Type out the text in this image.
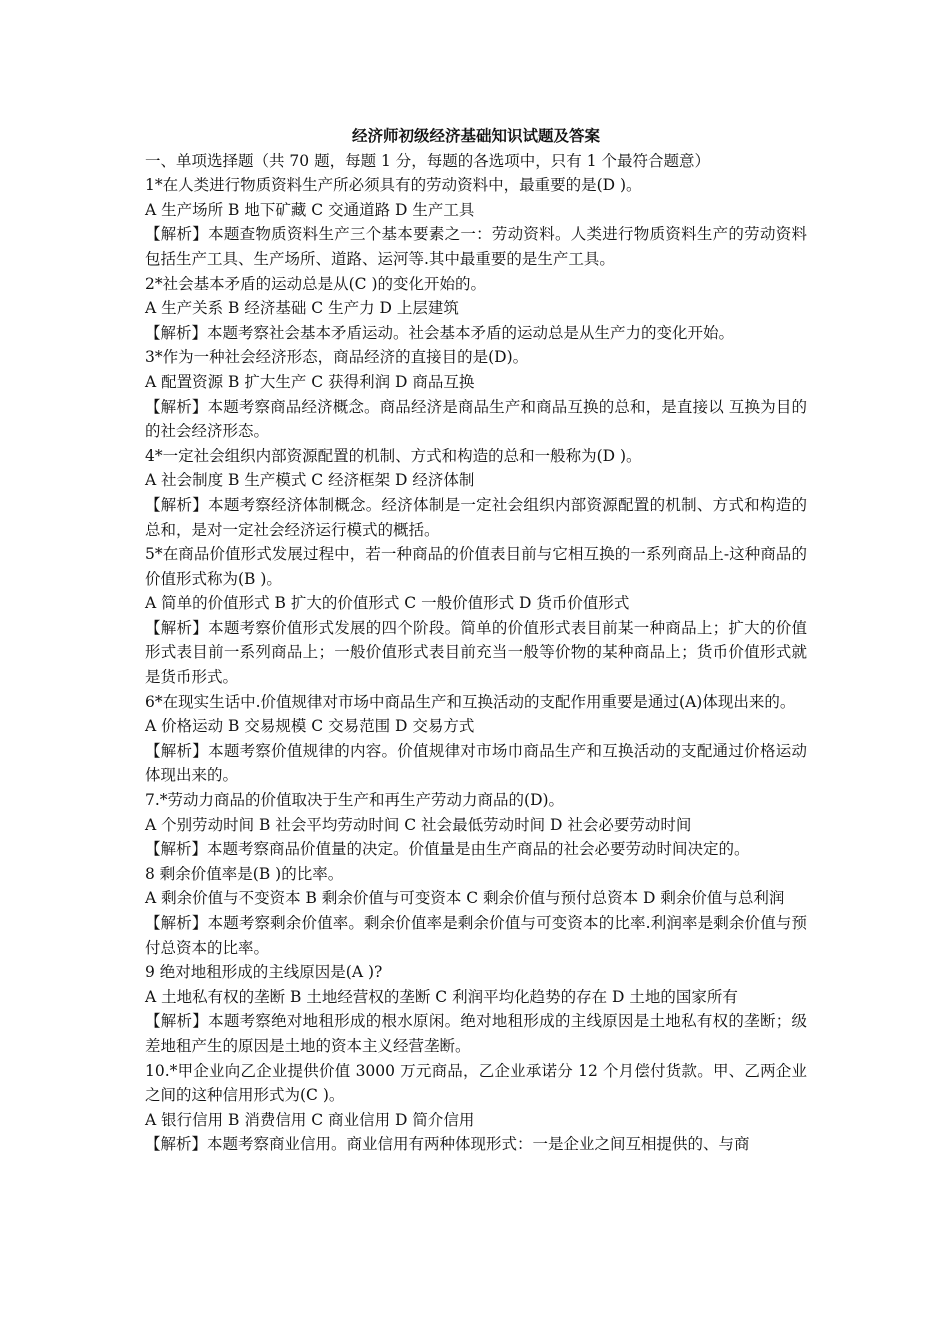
经济师初级经济基础知识试题及答案

一、单项选择题（共 70 题，每题 1 分，每题的各选项中，只有 1 个最符合题意）

1*在人类进行物质资料生产所必须具有的劳动资料中，最重要的是(D )。

A 生产场所 B 地下矿藏 C 交通道路 D 生产工具

【解析】本题查物质资料生产三个基本要素之一：劳动资料。人类进行物质资料生产的劳动资料包括生产工具、生产场所、道路、运河等.其中最重要的是生产工具。

2*社会基本矛盾的运动总是从(C )的变化开始的。

A 生产关系 B 经济基础 C 生产力 D 上层建筑

【解析】本题考察社会基本矛盾运动。社会基本矛盾的运动总是从生产力的变化开始。

3*作为一种社会经济形态，商品经济的直接目的是(D)。

A 配置资源 B 扩大生产 C 获得利润 D 商品互换

【解析】本题考察商品经济概念。商品经济是商品生产和商品互换的总和，是直接以 互换为目的的社会经济形态。

4*一定社会组织内部资源配置的机制、方式和构造的总和一般称为(D )。

A 社会制度 B 生产模式 C 经济框架 D 经济体制

【解析】本题考察经济体制概念。经济体制是一定社会组织内部资源配置的机制、方式和构造的总和，是对一定社会经济运行模式的概括。

5*在商品价值形式发展过程中，若一种商品的价值表目前与它相互换的一系列商品上-这种商品的价值形式称为(B )。

A 简单的价值形式 B 扩大的价值形式 C 一般价值形式 D 货币价值形式

【解析】本题考察价值形式发展的四个阶段。简单的价值形式表目前某一种商品上；扩大的价值形式表目前一系列商品上；一般价值形式表目前充当一般等价物的某种商品上；货币价值形式就是货币形式。

6*在现实生话中.价值规律对市场中商品生产和互换活动的支配作用重要是通过(A)体现出来的。

A 价格运动 B 交易规模 C 交易范围 D 交易方式

【解析】本题考察价值规律的内容。价值规律对市场巾商品生产和互换活动的支配通过价格运动体现出来的。

7.*劳动力商品的价值取决于生产和再生产劳动力商品的(D)。

A 个别劳动时间 B 社会平均劳动时间 C 社会最低劳动时间 D 社会必要劳动时间

【解析】本题考察商品价值量的决定。价值量是由生产商品的社会必要劳动时间决定的。

8 剩余价值率是(B )的比率。

A 剩余价值与不变资本 B 剩余价值与可变资本 C 剩余价值与预付总资本 D 剩余价值与总利润

【解析】本题考察剩余价值率。剩余价值率是剩余价值与可变资本的比率.利润率是剩余价值与预付总资本的比率。

9 绝对地租形成的主线原因是(A )?

A 土地私有权的垄断 B 土地经营权的垄断 C 利润平均化趋势的存在 D 土地的国家所有

【解析】本题考察绝对地租形成的根水原闲。绝对地租形成的主线原因是土地私有权的垄断；级差地租产生的原因是土地的资本主义经营垄断。

10.*甲企业向乙企业提供价值 3000 万元商品，乙企业承诺分 12 个月偿付货款。甲、乙两企业之间的这种信用形式为(C )。

A 银行信用 B 消费信用 C 商业信用 D 简介信用

【解析】本题考察商业信用。商业信用有两种体现形式：一是企业之间互相提供的、与商
